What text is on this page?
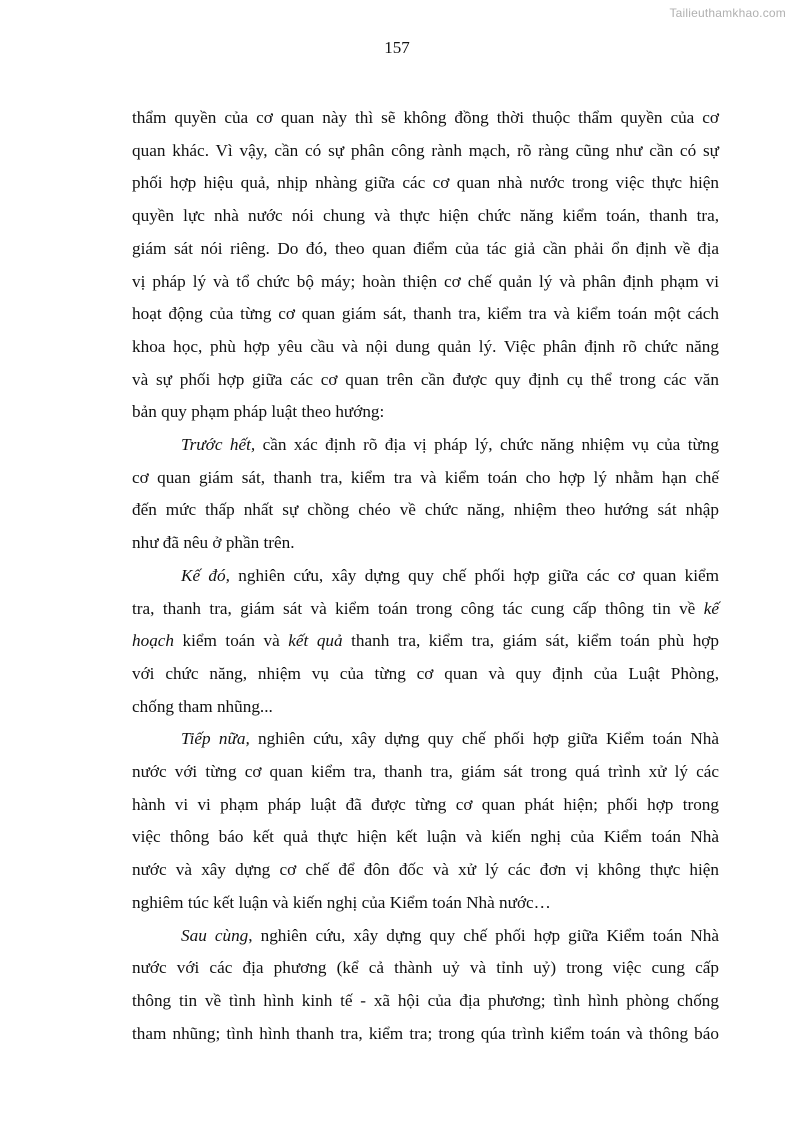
Tailieuthamkhao.com
157
thẩm quyền của cơ quan này thì sẽ không đồng thời thuộc thẩm quyền của cơ
quan khác. Vì vậy, cần có sự phân công rành mạch, rõ ràng cũng như cần có sự
phối hợp hiệu quả, nhịp nhàng giữa các cơ quan nhà nước trong việc thực hiện
quyền lực nhà nước nói chung và thực hiện chức năng kiểm toán, thanh tra,
giám sát nói riêng. Do đó, theo quan điểm của tác giả cần phải ổn định về địa
vị pháp lý và tổ chức bộ máy; hoàn thiện cơ chế quản lý và phân định phạm vi
hoạt động của từng cơ quan giám sát, thanh tra, kiểm tra và kiểm toán một cách
khoa học, phù hợp yêu cầu và nội dung quản lý. Việc phân định rõ chức năng
và sự phối hợp giữa các cơ quan trên cần được quy định cụ thể trong các văn
bản quy phạm pháp luật theo hướng:
Trước hết, cần xác định rõ địa vị pháp lý, chức năng nhiệm vụ của từng
cơ quan giám sát, thanh tra, kiểm tra và kiểm toán cho hợp lý nhằm hạn chế
đến mức thấp nhất sự chồng chéo về chức năng, nhiệm theo hướng sát nhập
như đã nêu ở phần trên.
Kế đó, nghiên cứu, xây dựng quy chế phối hợp giữa các cơ quan kiểm
tra, thanh tra, giám sát và kiểm toán trong công tác cung cấp thông tin về kế
hoạch kiểm toán và kết quả thanh tra, kiểm tra, giám sát, kiểm toán phù hợp
với chức năng, nhiệm vụ của từng cơ quan và quy định của Luật Phòng,
chống tham nhũng...
Tiếp nữa, nghiên cứu, xây dựng quy chế phối hợp giữa Kiểm toán Nhà
nước với từng cơ quan kiểm tra, thanh tra, giám sát trong quá trình xử lý các
hành vi vi phạm pháp luật đã được từng cơ quan phát hiện; phối hợp trong
việc thông báo kết quả thực hiện kết luận và kiến nghị của Kiểm toán Nhà
nước và xây dựng cơ chế để đôn đốc và xử lý các đơn vị không thực hiện
nghiêm túc kết luận và kiến nghị của Kiểm toán Nhà nước…
Sau cùng, nghiên cứu, xây dựng quy chế phối hợp giữa Kiểm toán Nhà
nước với các địa phương (kể cả thành uỷ và tỉnh uỷ) trong việc cung cấp
thông tin về tình hình kinh tế - xã hội của địa phương; tình hình phòng chống
tham nhũng; tình hình thanh tra, kiểm tra; trong qúa trình kiểm toán và thông báo
